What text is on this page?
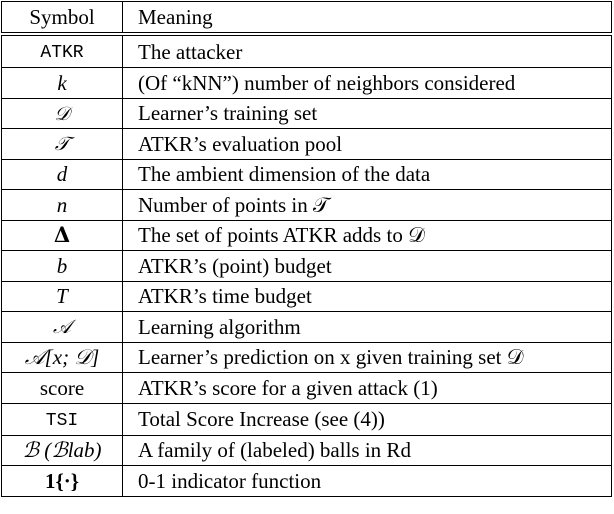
Symbol	Meaning
ATKR	The attacker
k	(Of “kNN”) number of neighbors considered
𝒟	Learner’s training set
𝒯	ATKR’s evaluation pool
d	The ambient dimension of the data
n	Number of points in 𝒯
𝚫	The set of points ATKR adds to 𝒟
b	ATKR’s (point) budget
T	ATKR’s time budget
𝒜	Learning algorithm
𝒜[x; 𝒟]	Learner’s prediction on x given training set 𝒟
score	ATKR’s score for a given attack (1)
TSI	Total Score Increase (see (4))
ℬ (ℬlab)	A family of (labeled) balls in Rd
1{·}	0-1 indicator function
